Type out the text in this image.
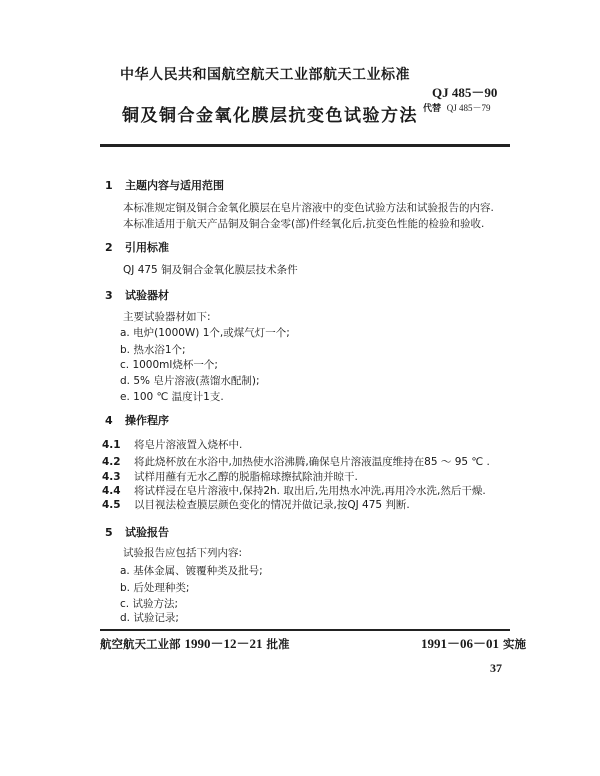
中华人民共和国航空航天工业部航天工业标准
QJ 485－90
代替 QJ 485－79
铜及铜合金氧化膜层抗变色试验方法
1 主题内容与适用范围
本标准规定铜及铜合金氧化膜层在皂片溶液中的变色试验方法和试验报告的内容.
本标准适用于航天产品铜及铜合金零(部)件经氧化后,抗变色性能的检验和验收.
2 引用标准
QJ 475 铜及铜合金氧化膜层技术条件
3 试验器材
主要试验器材如下:
a. 电炉(1000W) 1个,或煤气灯一个;
b. 热水浴1个;
c. 1000ml烧杯一个;
d. 5% 皂片溶液(蒸馏水配制);
e. 100 ℃ 温度计1支.
4 操作程序
4.1 将皂片溶液置入烧杯中.
4.2 将此烧杯放在水浴中,加热使水浴沸腾,确保皂片溶液温度维持在85 ～ 95 ℃ .
4.3 试样用蘸有无水乙醇的脱脂棉球擦拭除油并晾干.
4.4 将试样浸在皂片溶液中,保持2h. 取出后,先用热水冲洗,再用冷水洗,然后干燥.
4.5 以目视法检查膜层颜色变化的情况并做记录,按QJ 475 判断.
5 试验报告
试验报告应包括下列内容:
a. 基体金属、镀覆种类及批号;
b. 后处理种类;
c. 试验方法;
d. 试验记录;
航空航天工业部 1990－12－21 批准	1991－06－01 实施
37
